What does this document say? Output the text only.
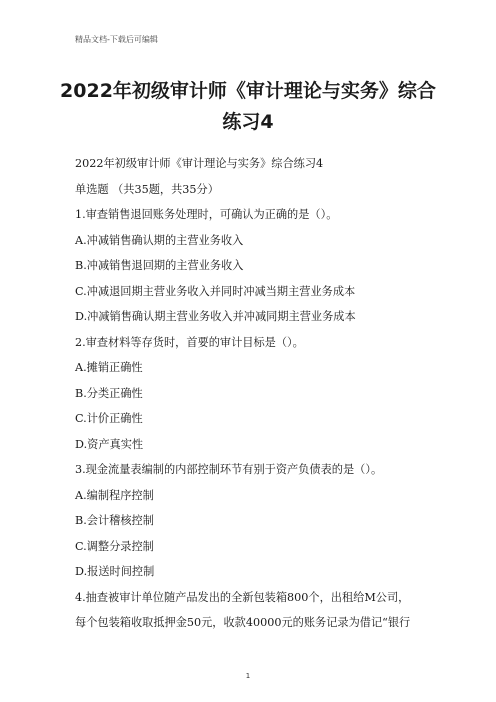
精品文档-下载后可编辑
2022年初级审计师《审计理论与实务》综合
练习4
2022年初级审计师《审计理论与实务》综合练习4
单选题 （共35题，共35分）
1.审查销售退回账务处理时，可确认为正确的是（）。
A.冲减销售确认期的主营业务收入
B.冲减销售退回期的主营业务收入
C.冲减退回期主营业务收入并同时冲减当期主营业务成本
D.冲减销售确认期主营业务收入并冲减同期主营业务成本
2.审查材料等存货时，首要的审计目标是（）。
A.摊销正确性
B.分类正确性
C.计价正确性
D.资产真实性
3.现金流量表编制的内部控制环节有别于资产负债表的是（）。
A.编制程序控制
B.会计稽核控制
C.调整分录控制
D.报送时间控制
4.抽查被审计单位随产品发出的全新包装箱800个，出租给M公司，
每个包装箱收取抵押金50元，收款40000元的账务记录为借记“银行
1
